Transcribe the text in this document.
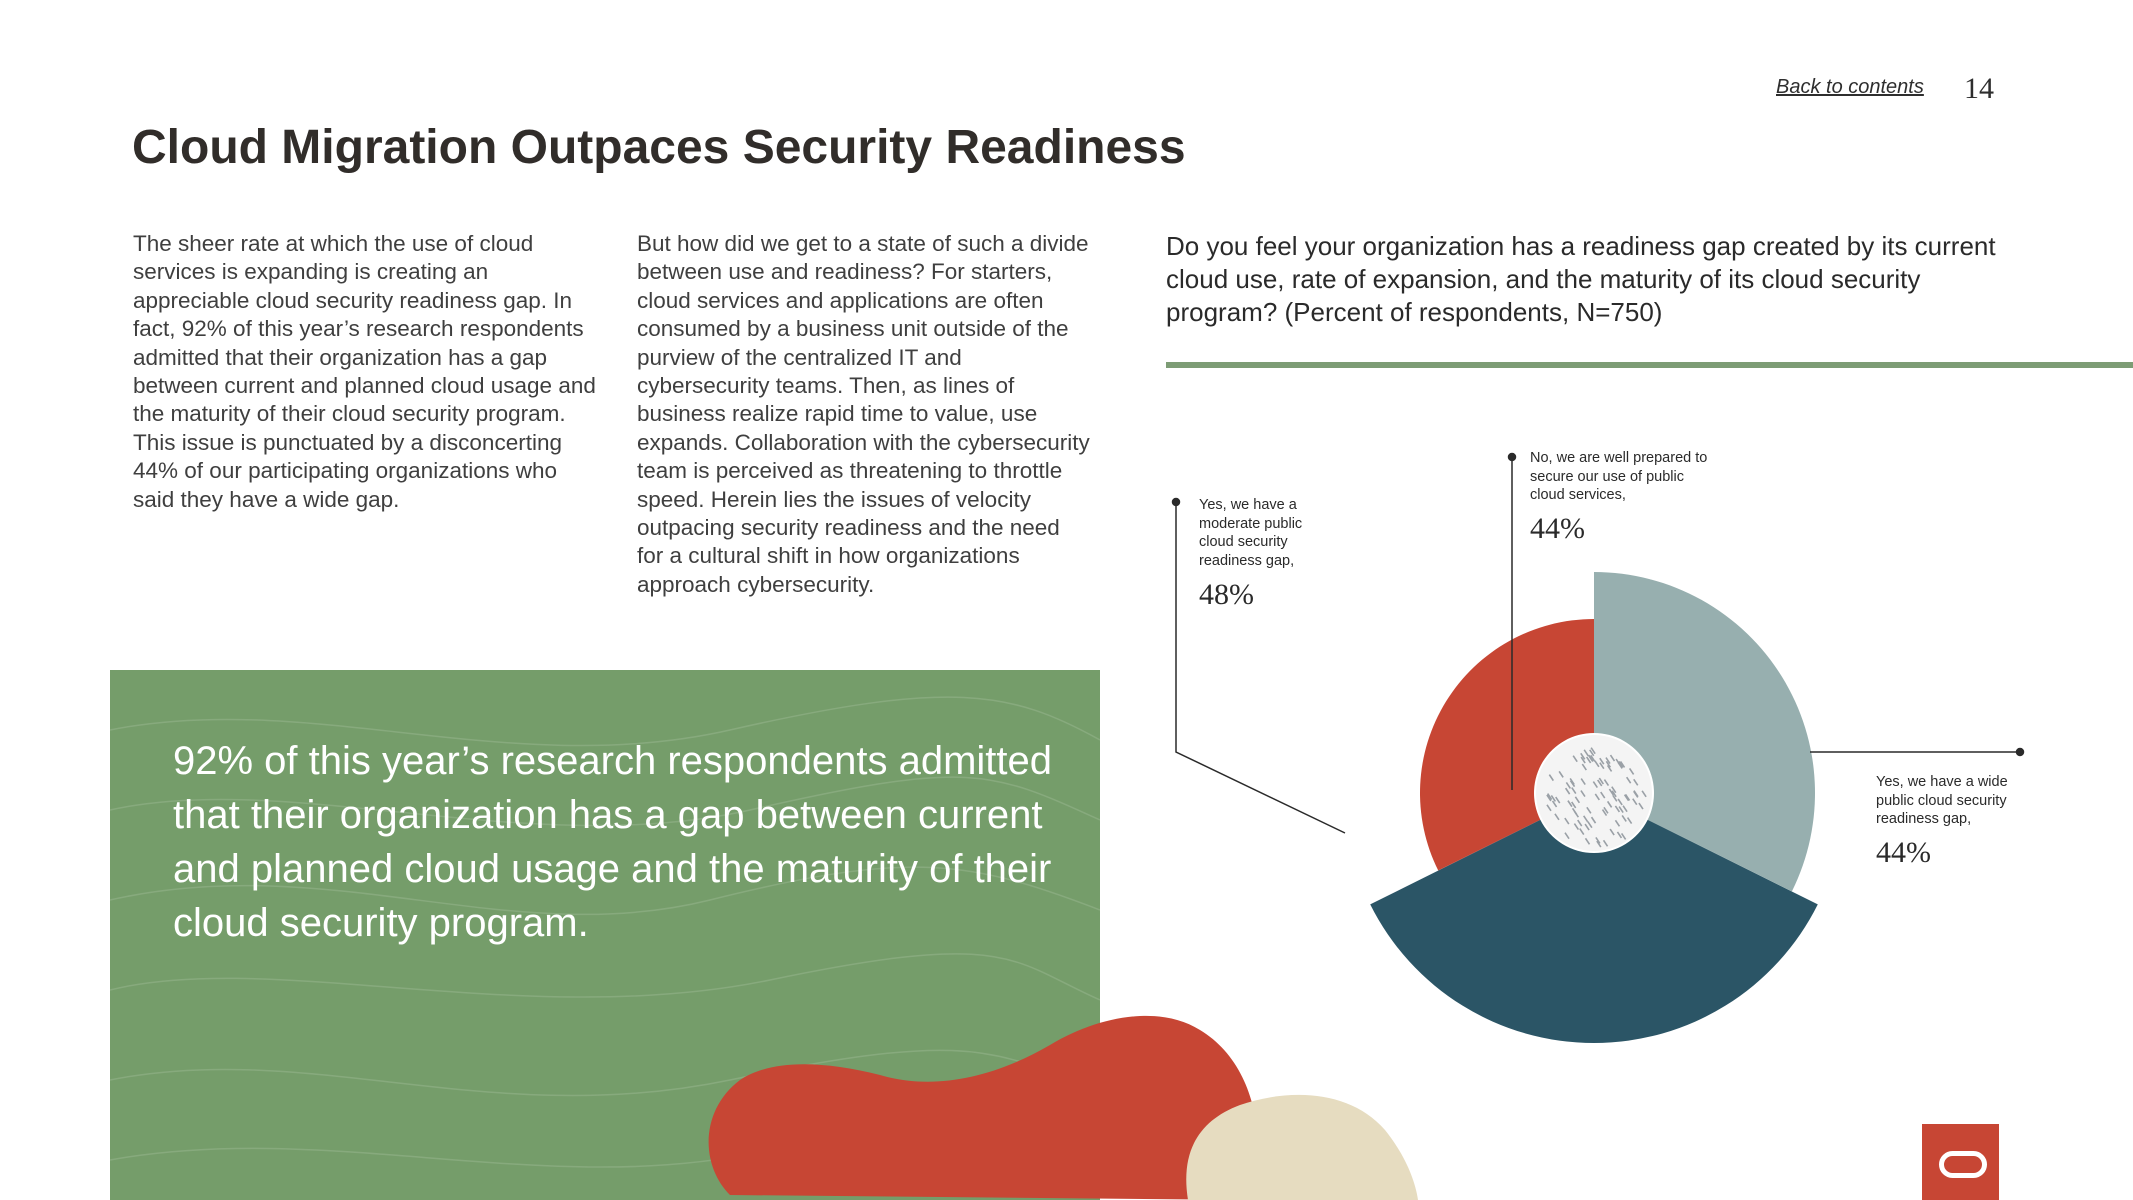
Back to contents 14
Cloud Migration Outpaces Security Readiness

The sheer rate at which the use of cloud services is expanding is creating an appreciable cloud security readiness gap. In fact, 92% of this year’s research respondents admitted that their organization has a gap between current and planned cloud usage and the maturity of their cloud security program. This issue is punctuated by a disconcerting 44% of our participating organizations who said they have a wide gap.

But how did we get to a state of such a divide between use and readiness? For starters, cloud services and applications are often consumed by a business unit outside of the purview of the centralized IT and cybersecurity teams. Then, as lines of business realize rapid time to value, use expands. Collaboration with the cybersecurity team is perceived as threatening to throttle speed. Herein lies the issues of velocity outpacing security readiness and the need for a cultural shift in how organizations approach cybersecurity.

Do you feel your organization has a readiness gap created by its current cloud use, rate of expansion, and the maturity of its cloud security program? (Percent of respondents, N=750)
92% of this year’s research respondents admitted that their organization has a gap between current and planned cloud usage and the maturity of their cloud security program.
Yes, we have a moderate public cloud security readiness gap,
48%
No, we are well prepared to secure our use of public cloud services,
44%
Yes, we have a wide public cloud security readiness gap,
44%
